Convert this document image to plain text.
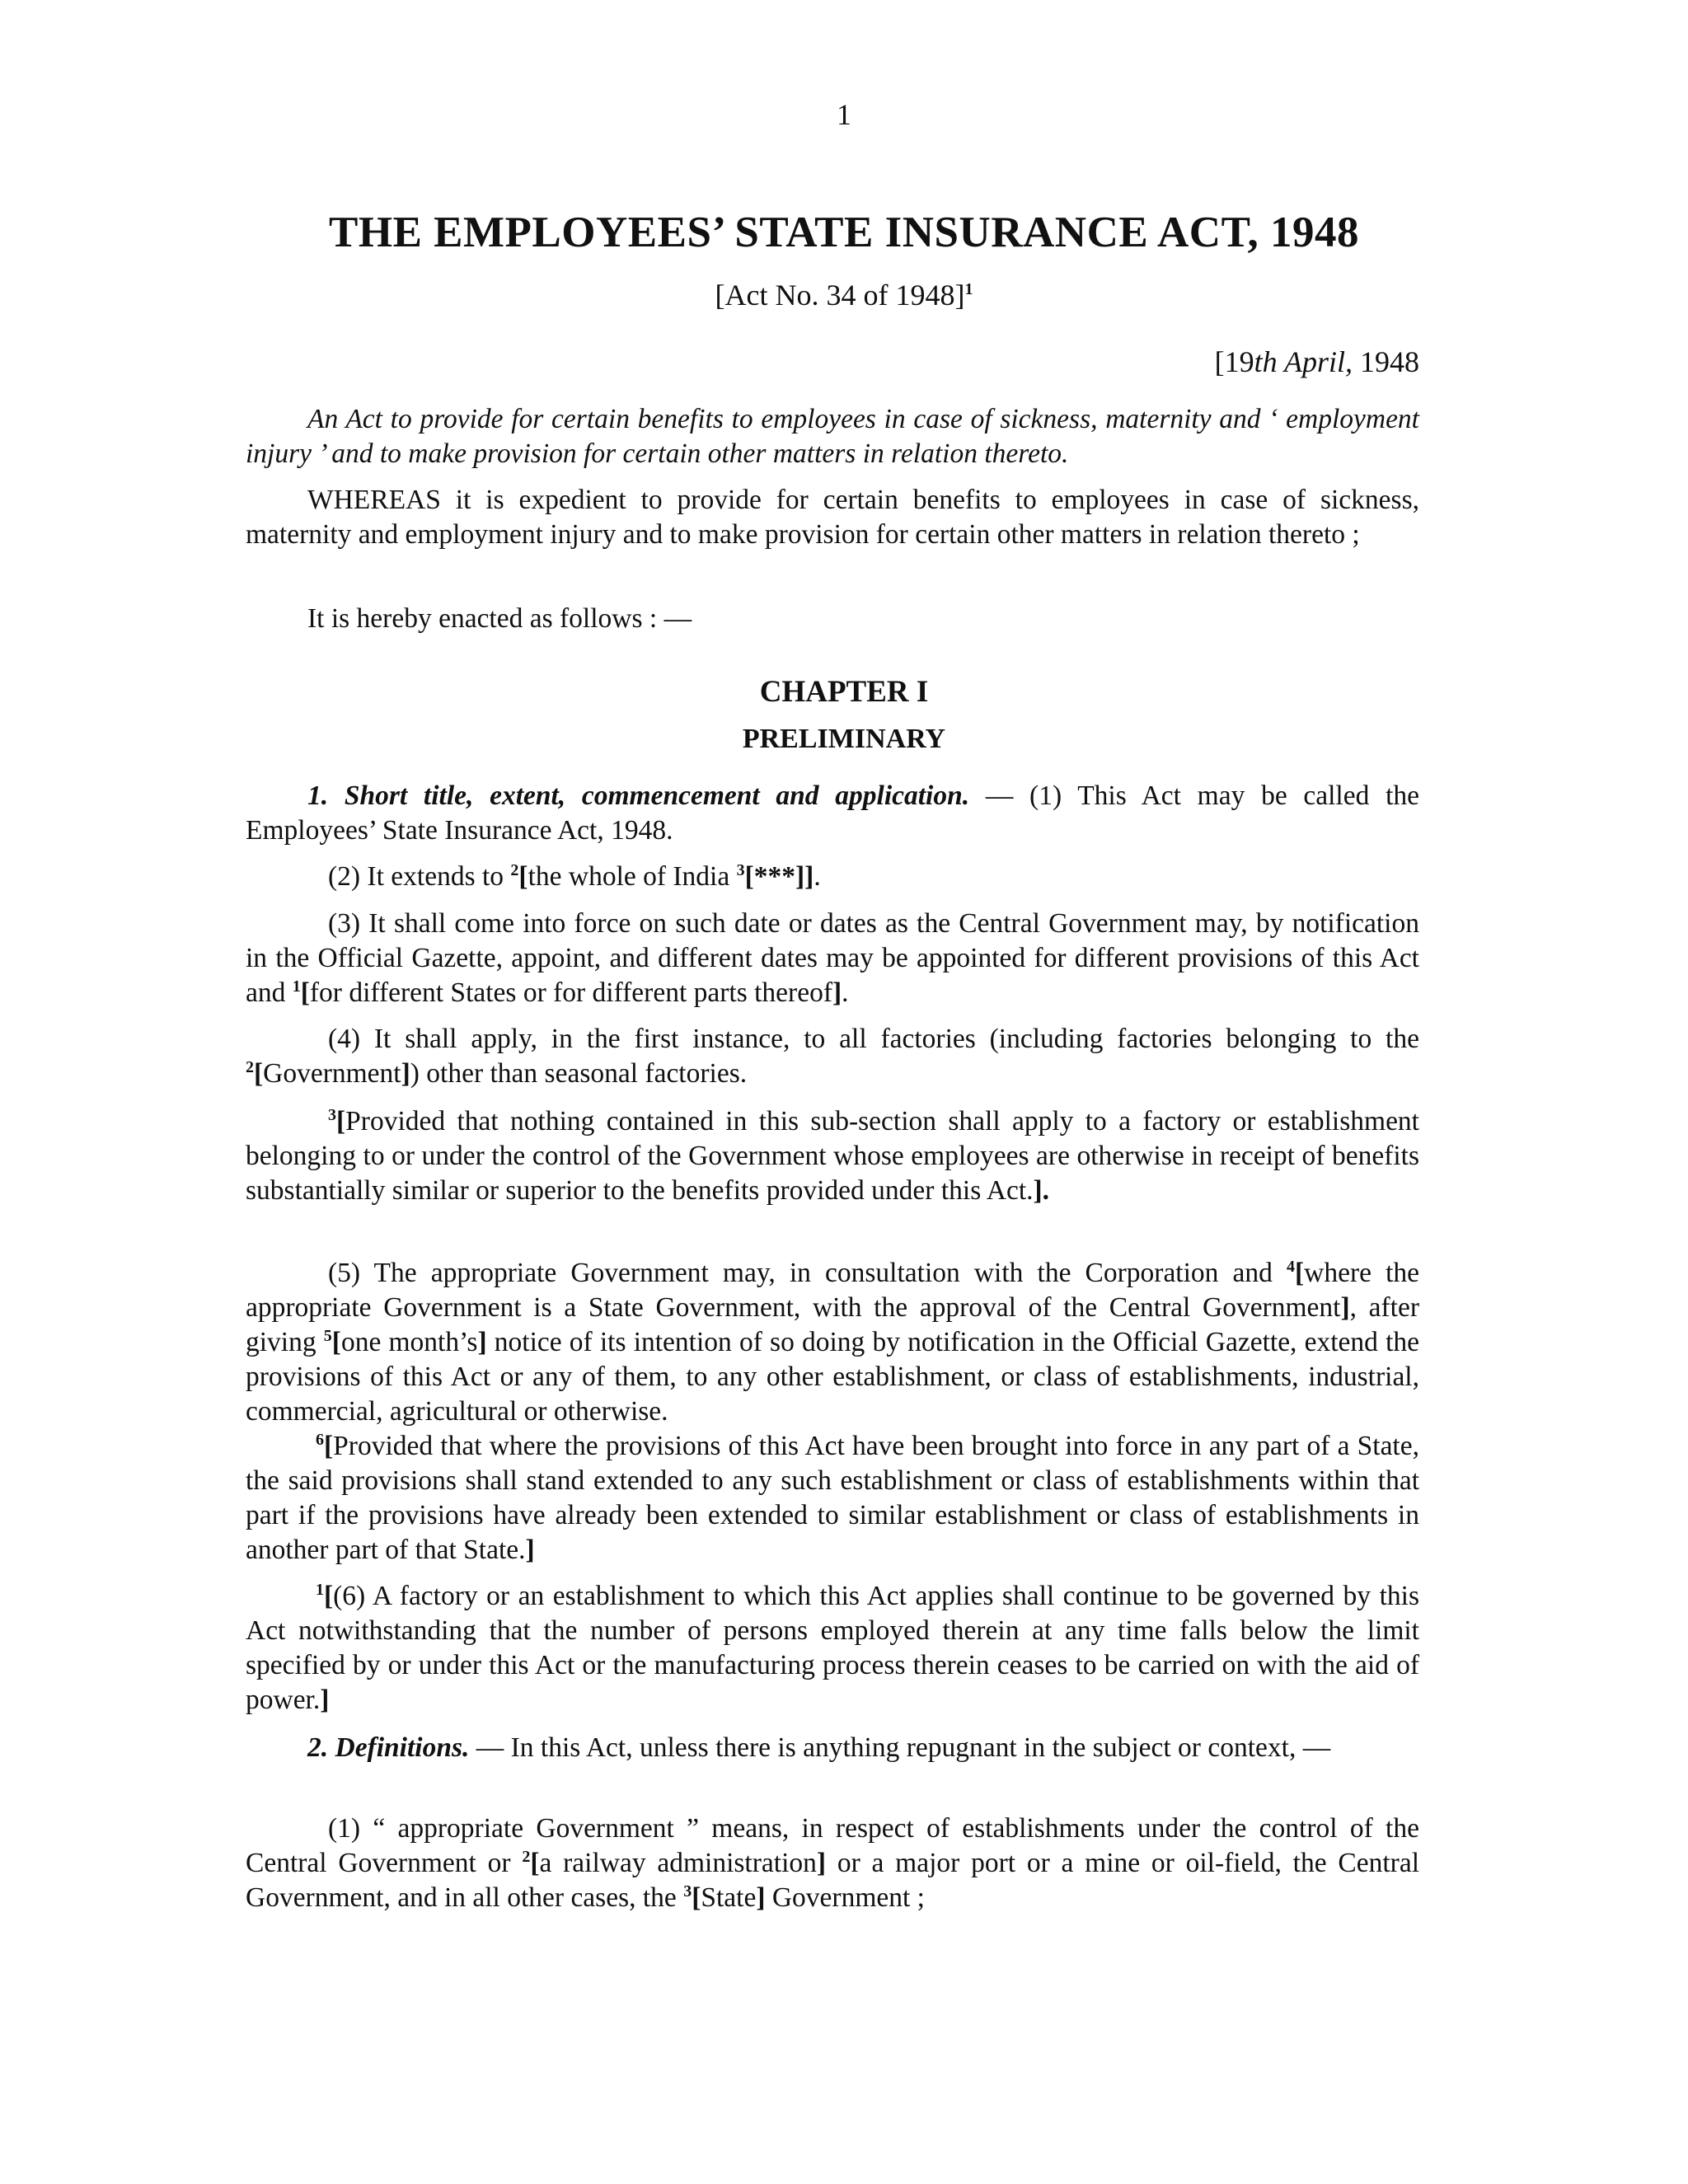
1
THE EMPLOYEES’ STATE INSURANCE ACT, 1948
[Act No. 34 of 1948]$^1$
[19th April, 1948

An Act to provide for certain benefits to employees in case of sickness, maternity and ‘ employment injury ’ and to make provision for certain other matters in relation thereto.

WHEREAS it is expedient to provide for certain benefits to employees in case of sickness, maternity and employment injury and to make provision for certain other matters in relation thereto ;

It is hereby enacted as follows : —

CHAPTER I
PRELIMINARY

1. Short title, extent, commencement and application. — (1) This Act may be called the Employees’ State Insurance Act, 1948.

(2) It extends to $^2$[the whole of India $^3$[***]].

(3) It shall come into force on such date or dates as the Central Government may, by notification in the Official Gazette, appoint, and different dates may be appointed for different provisions of this Act and $^1$[for different States or for different parts thereof].

(4) It shall apply, in the first instance, to all factories (including factories belonging to the $^2$[Government]) other than seasonal factories.

$^3$[Provided that nothing contained in this sub-section shall apply to a factory or establishment belonging to or under the control of the Government whose employees are otherwise in receipt of benefits substantially similar or superior to the benefits provided under this Act.].

(5) The appropriate Government may, in consultation with the Corporation and $^4$[where the appropriate Government is a State Government, with the approval of the Central Government], after giving $^5$[one month’s] notice of its intention of so doing by notification in the Official Gazette, extend the provisions of this Act or any of them, to any other establishment, or class of establishments, industrial, commercial, agricultural or otherwise.

$^6$[Provided that where the provisions of this Act have been brought into force in any part of a State, the said provisions shall stand extended to any such establishment or class of establishments within that part if the provisions have already been extended to similar establishment or class of establishments in another part of that State.]

$^1$[(6) A factory or an establishment to which this Act applies shall continue to be governed by this Act notwithstanding that the number of persons employed therein at any time falls below the limit specified by or under this Act or the manufacturing process therein ceases to be carried on with the aid of power.]

2. Definitions. — In this Act, unless there is anything repugnant in the subject or context, —

(1) “ appropriate Government ” means, in respect of establishments under the control of the Central Government or $^2$[a railway administration] or a major port or a mine or oil-field, the Central Government, and in all other cases, the $^3$[State] Government ;
